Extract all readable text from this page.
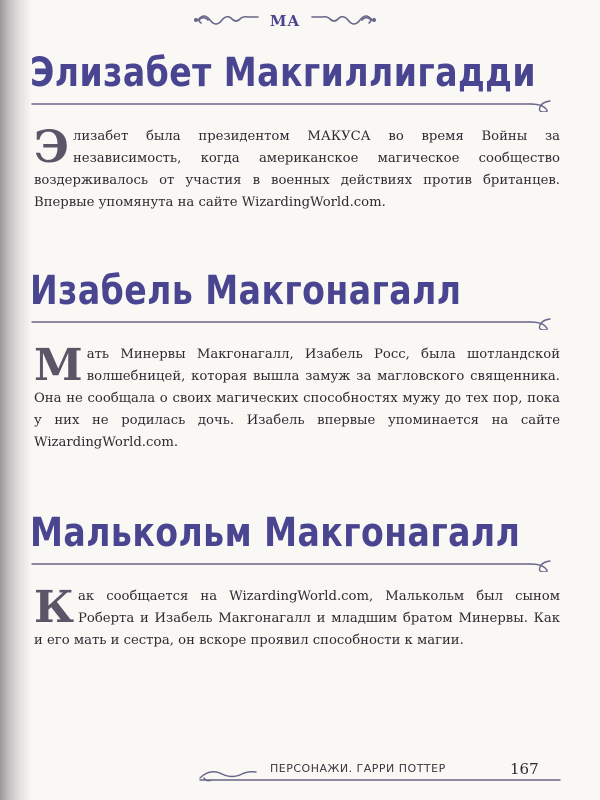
MA
Элизабет Макгиллигадди

Элизабет была президентом МАКУСА во время Войны за независимость, когда американское магическое сообщество воздерживалось от участия в военных действиях против британцев. Впервые упомянута на сайте WizardingWorld.com.

Изабель Макгонагалл

Мать Минервы Макгонагалл, Изабель Росс, была шотландской волшебницей, которая вышла замуж за магловского священника. Она не сообщала о своих магических способностях мужу до тех пор, пока у них не родилась дочь. Изабель впервые упоминается на сайте WizardingWorld.com.

Малькольм Макгонагалл

Как сообщается на WizardingWorld.com, Малькольм был сыном Роберта и Изабель Макгонагалл и младшим братом Минервы. Как и его мать и сестра, он вскоре проявил способности к магии.

ПЕРСОНАЖИ. ГАРРИ ПОТТЕР	167
